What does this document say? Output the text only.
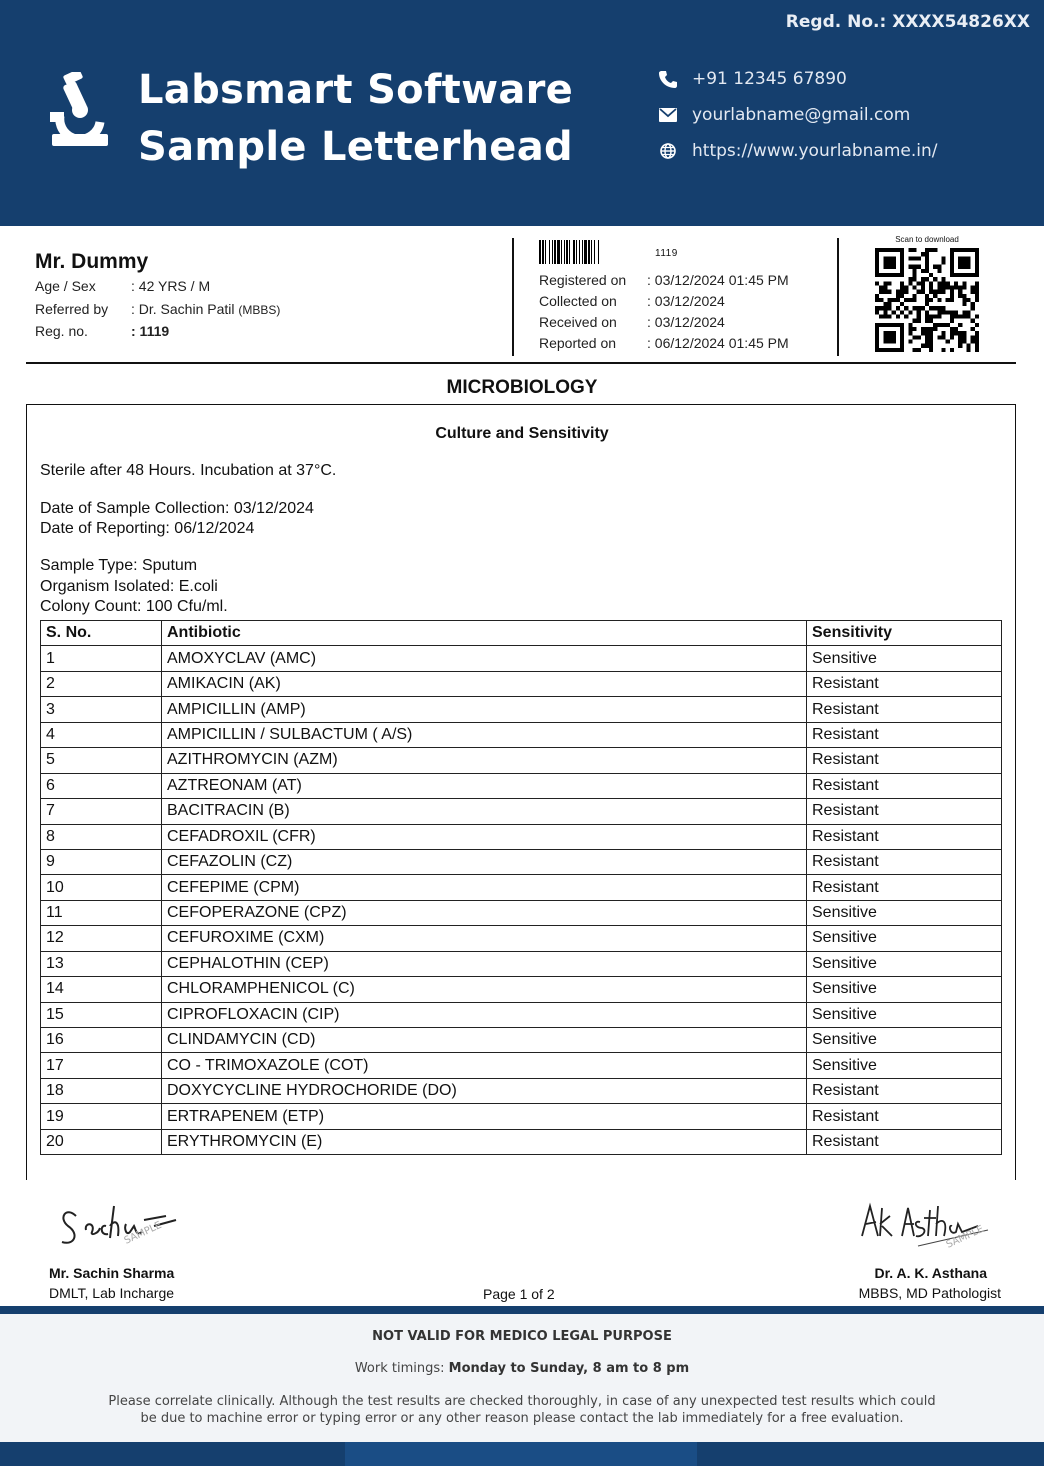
Regd. No.: XXXX54826XX
Labsmart Software
Sample Letterhead
+91 12345 67890
yourlabname@gmail.com
https://www.yourlabname.in/
Mr. Dummy
Age / Sex	: 42 YRS / M
Referred by : Dr. Sachin Patil (MBBS)
Reg. no.	: 1119
1119
Registered on : 03/12/2024 01:45 PM
Collected on : 03/12/2024
Received on : 03/12/2024
Reported on : 06/12/2024 01:45 PM
Scan to download
MICROBIOLOGY
Culture and Sensitivity
Sterile after 48 Hours. Incubation at 37°C.
Date of Sample Collection: 03/12/2024
Date of Reporting: 06/12/2024
Sample Type: Sputum
Organism Isolated: E.coli
Colony Count: 100 Cfu/ml.
S. No.	Antibiotic	Sensitivity
1	AMOXYCLAV (AMC)	Sensitive
2	AMIKACIN (AK)	Resistant
3	AMPICILLIN (AMP)	Resistant
4	AMPICILLIN / SULBACTUM ( A/S)	Resistant
5	AZITHROMYCIN (AZM)	Resistant
6	AZTREONAM (AT)	Resistant
7	BACITRACIN (B)	Resistant
8	CEFADROXIL (CFR)	Resistant
9	CEFAZOLIN (CZ)	Resistant
10	CEFEPIME (CPM)	Resistant
11	CEFOPERAZONE (CPZ)	Sensitive
12	CEFUROXIME (CXM)	Sensitive
13	CEPHALOTHIN (CEP)	Sensitive
14	CHLORAMPHENICOL (C)	Sensitive
15	CIPROFLOXACIN (CIP)	Sensitive
16	CLINDAMYCIN (CD)	Sensitive
17	CO - TRIMOXAZOLE (COT)	Sensitive
18	DOXYCYCLINE HYDROCHORIDE (DO)	Resistant
19	ERTRAPENEM (ETP)	Resistant
20	ERYTHROMYCIN (E)	Resistant
SAMPLE
Mr. Sachin Sharma
DMLT, Lab Incharge	Page 1 of 2
SAMPLE
Dr. A. K. Asthana
MBBS, MD Pathologist
NOT VALID FOR MEDICO LEGAL PURPOSE
Work timings: Monday to Sunday, 8 am to 8 pm
Please correlate clinically. Although the test results are checked thoroughly, in case of any unexpected test results which could be due to machine error or typing error or any other reason please contact the lab immediately for a free evaluation.
